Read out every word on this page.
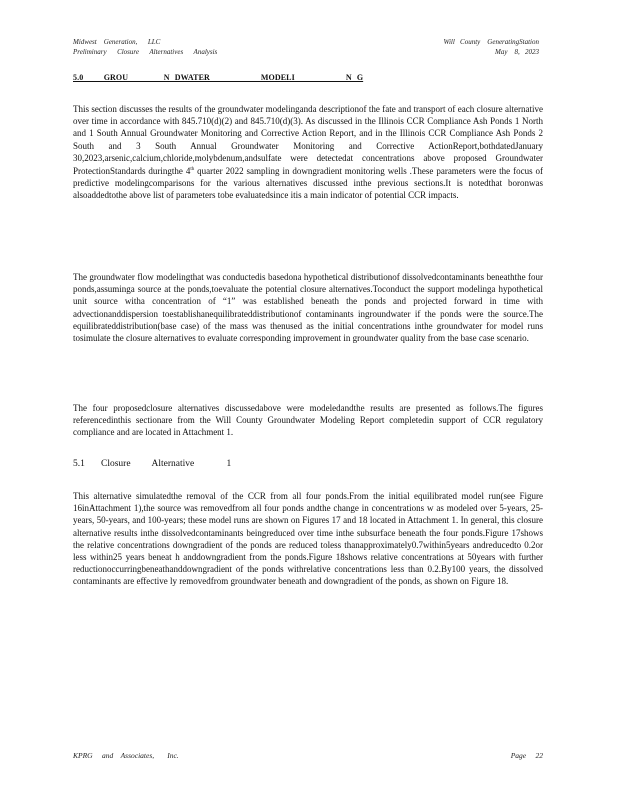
Midwest    Generation,      LLC
Preliminary      Closure      Alternatives      Analysis
Will   County    GeneratingStation
May    8,   2023
5.0    GROU       N DWATER          MODELI          N G

This section discusses the results of the groundwater modelinganda descriptionof the fate and transport of each closure alternative over time in accordance with 845.710(d)(2) and 845.710(d)(3). As discussed in the Illinois CCR Compliance Ash Ponds 1 North and 1 South Annual Groundwater Monitoring and Corrective Action Report, and in the Illinois CCR Compliance Ash Ponds 2 South and 3 South Annual Groundwater Monitoring and Corrective ActionReport,bothdatedJanuary 30,2023,arsenic,calcium,chloride,molybdenum,andsulfate were detectedat concentrations above proposed Groundwater ProtectionStandards duringthe 4th quarter 2022 sampling in downgradient monitoring wells .These parameters were the focus of predictive modelingcomparisons for the various alternatives discussed inthe previous sections.It is notedthat boronwas alsoaddedtothe above list of parameters tobe evaluatedsince itis a main indicator of potential CCR impacts.

The groundwater flow modelingthat was conductedis basedona hypothetical distributionof dissolvedcontaminants beneaththe four ponds,assuminga source at the ponds,toevaluate the potential closure alternatives.Toconduct the support modelinga hypothetical unit source witha concentration of “1” was established beneath the ponds and projected forward in time with advectionanddispersion toestablishanequilibrateddistributionof contaminants ingroundwater if the ponds were the source.The equilibrateddistribution(base case) of the mass was thenused as the initial concentrations inthe groundwater for model runs tosimulate the closure alternatives to evaluate corresponding improvement in groundwater quality from the base case scenario.

The four proposedclosure alternatives discussedabove were modeledandthe results are presented as follows.The figures referencedinthis sectionare from the Will County Groundwater Modeling Report completedin support of CCR regulatory compliance and are located in Attachment 1.

5.1   Closure    Alternative      1

This alternative simulatedthe removal of the CCR from all four ponds.From the initial equilibrated model run(see Figure 16inAttachment 1),the source was removedfrom all four ponds andthe change in concentrations w as modeled over 5-years, 25-years, 50-years, and 100-years; these model runs are shown on Figures 17 and 18 located in Attachment 1. In general, this closure alternative results inthe dissolvedcontaminants beingreduced over time inthe subsurface beneath the four ponds.Figure 17shows the relative concentrations downgradient of the ponds are reduced toless thanapproximately0.7within5years andreducedto 0.2or less within25 years beneat h anddowngradient from the ponds.Figure 18shows relative concentrations at 50years with further reductionoccurringbeneathanddowngradient of the ponds withrelative concentrations less than 0.2.By100 years, the dissolved contaminants are effective ly removedfrom groundwater beneath and downgradient of the ponds, as shown on Figure 18.

KPRG     and    Associates,       Inc.	Page     22
